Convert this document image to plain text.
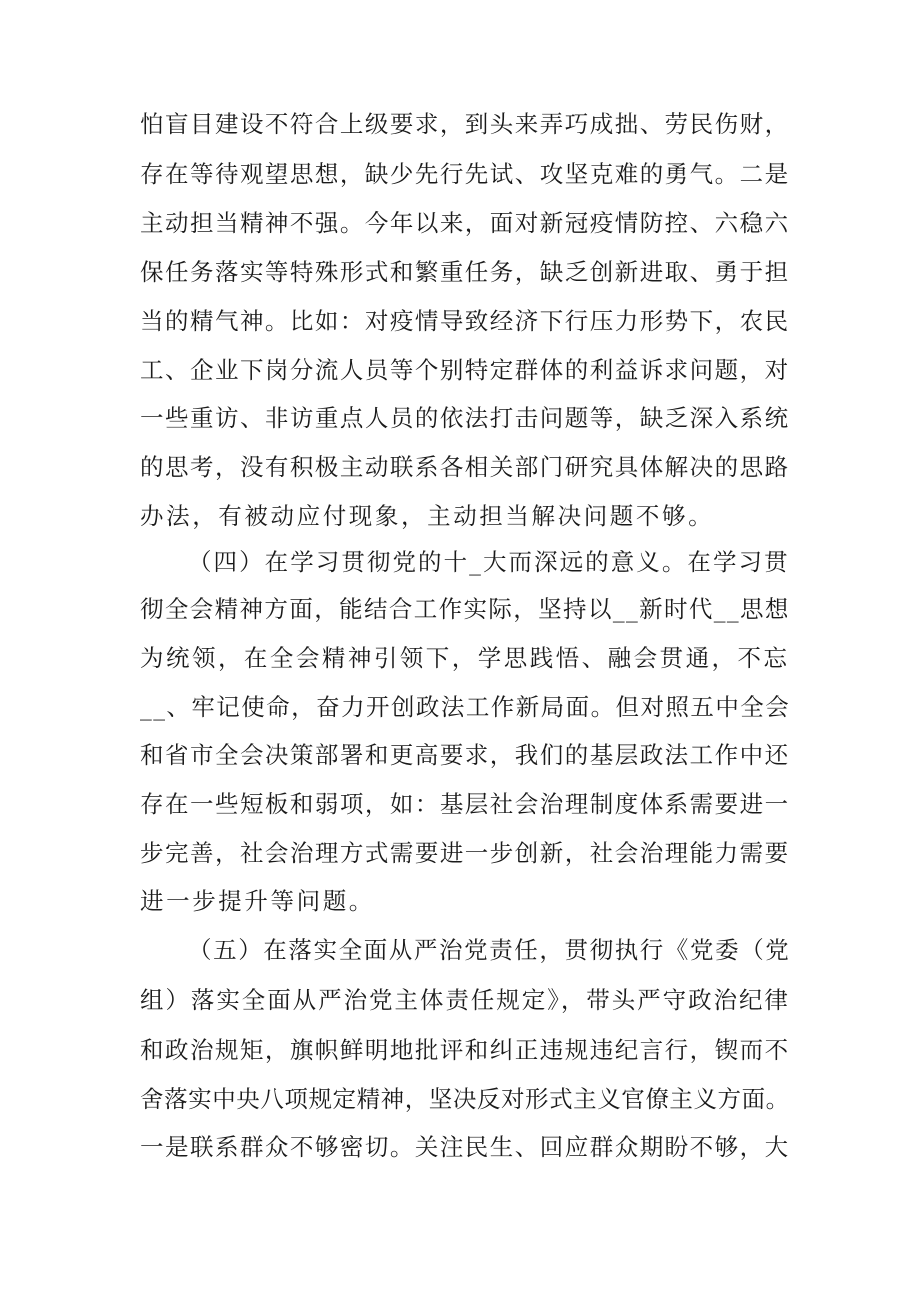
怕盲目建设不符合上级要求，到头来弄巧成拙、劳民伤财，
存在等待观望思想，缺少先行先试、攻坚克难的勇气。二是
主动担当精神不强。今年以来，面对新冠疫情防控、六稳六
保任务落实等特殊形式和繁重任务，缺乏创新进取、勇于担
当的精气神。比如：对疫情导致经济下行压力形势下，农民
工、企业下岗分流人员等个别特定群体的利益诉求问题，对
一些重访、非访重点人员的依法打击问题等，缺乏深入系统
的思考，没有积极主动联系各相关部门研究具体解决的思路
办法，有被动应付现象，主动担当解决问题不够。
（四）在学习贯彻党的十_大而深远的意义。在学习贯
彻全会精神方面，能结合工作实际，坚持以__新时代__思想
为统领，在全会精神引领下，学思践悟、融会贯通，不忘
__、牢记使命，奋力开创政法工作新局面。但对照五中全会
和省市全会决策部署和更高要求，我们的基层政法工作中还
存在一些短板和弱项，如：基层社会治理制度体系需要进一
步完善，社会治理方式需要进一步创新，社会治理能力需要
进一步提升等问题。
（五）在落实全面从严治党责任，贯彻执行《党委（党
组）落实全面从严治党主体责任规定》，带头严守政治纪律
和政治规矩，旗帜鲜明地批评和纠正违规违纪言行，锲而不
舍落实中央八项规定精神，坚决反对形式主义官僚主义方面。
一是联系群众不够密切。关注民生、回应群众期盼不够，大
